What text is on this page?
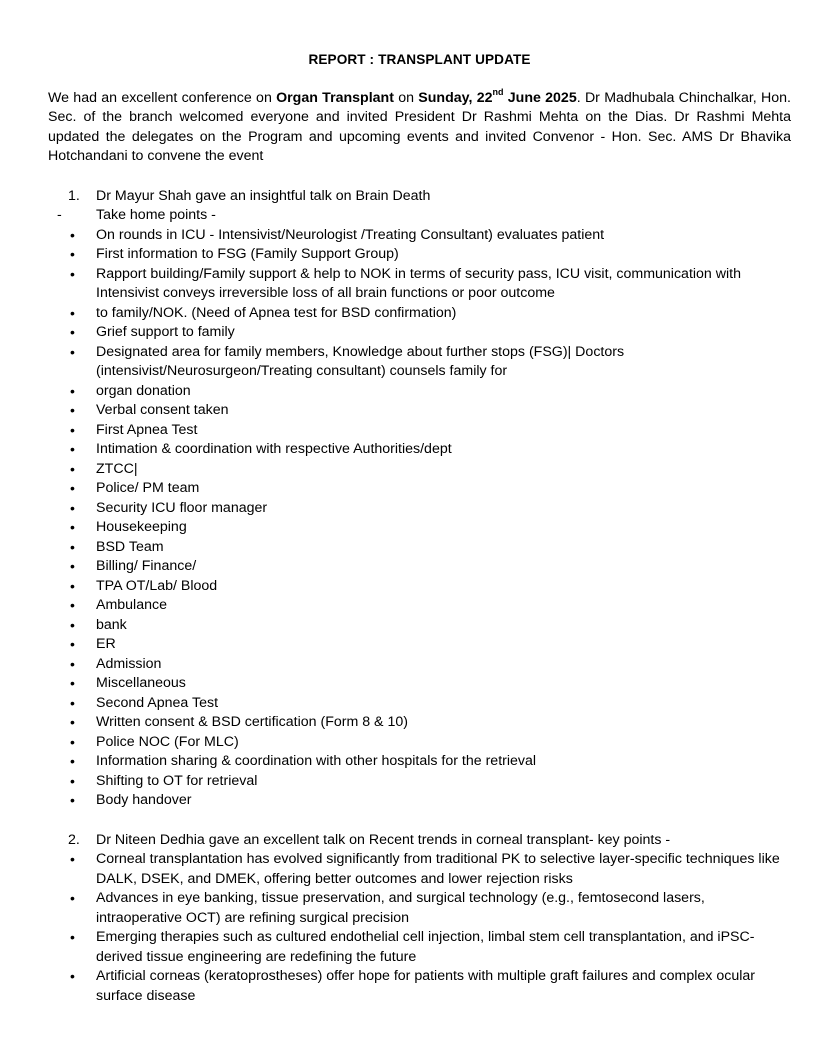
REPORT : TRANSPLANT UPDATE

We had an excellent conference on Organ Transplant on Sunday, 22nd June 2025. Dr Madhubala Chinchalkar, Hon. Sec. of the branch welcomed everyone and invited President Dr Rashmi Mehta on the Dias. Dr Rashmi Mehta updated the delegates on the Program and upcoming events and invited Convenor - Hon. Sec. AMS Dr Bhavika Hotchandani to convene the event

1.	Dr Mayur Shah gave an insightful talk on Brain Death
-	Take home points -
•	On rounds in ICU - Intensivist/Neurologist /Treating Consultant) evaluates patient
•	First information to FSG (Family Support Group)
•	Rapport building/Family support & help to NOK in terms of security pass, ICU visit, communication with Intensivist conveys irreversible loss of all brain functions or poor outcome
•	to family/NOK. (Need of Apnea test for BSD confirmation)
•	Grief support to family
•	Designated area for family members, Knowledge about further stops (FSG)| Doctors (intensivist/Neurosurgeon/Treating consultant) counsels family for
•	organ donation
•	Verbal consent taken
•	First Apnea Test
•	Intimation & coordination with respective Authorities/dept
•	ZTCC|
•	Police/ PM team
•	Security ICU floor manager
•	Housekeeping
•	BSD Team
•	Billing/ Finance/
•	TPA OT/Lab/ Blood
•	Ambulance
•	bank
•	ER
•	Admission
•	Miscellaneous
•	Second Apnea Test
•	Written consent & BSD certification (Form 8 & 10)
•	Police NOC (For MLC)
•	Information sharing & coordination with other hospitals for the retrieval
•	Shifting to OT for retrieval
•	Body handover
2.	Dr Niteen Dedhia gave an excellent talk on Recent trends in corneal transplant- key points -
•	Corneal transplantation has evolved significantly from traditional PK to selective layer-specific techniques like DALK, DSEK, and DMEK, offering better outcomes and lower rejection risks
•	Advances in eye banking, tissue preservation, and surgical technology (e.g., femtosecond lasers, intraoperative OCT) are refining surgical precision
•	Emerging therapies such as cultured endothelial cell injection, limbal stem cell transplantation, and iPSC-derived tissue engineering are redefining the future
•	Artificial corneas (keratoprostheses) offer hope for patients with multiple graft failures and complex ocular surface disease
